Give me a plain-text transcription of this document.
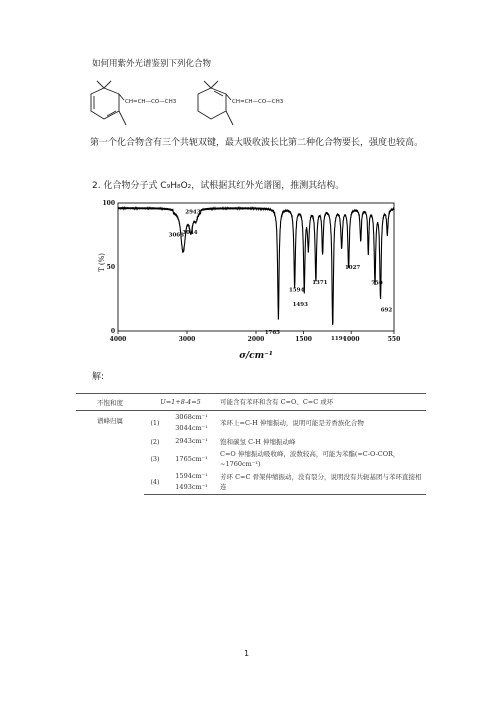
如何用紫外光谱鉴别下列化合物
CH=CH—CO—CH3	CH=CH—CO—CH3
第一个化合物含有三个共轭双键，最大吸收波长比第二种化合物要长，强度也较高。
2. 化合物分子式 C₉H₈O₂，试根据其红外光谱图，推测其结构。
100
50
0
4000	3000	2000	1500	1000	550
3068
3044
2943
1765
1594
1493
1371
1194
1027
750
692
T (%)
σ/cm⁻¹
解:
不饱和度	U=1+8-4=5		可能含有苯环和含有 C=O、C=C 或环
谱峰归属	(1)	3068cm⁻¹
3044cm⁻¹	苯环上=C-H 伸缩振动，说明可能是芳香族化合物
	(2)	2943cm⁻¹	饱和碳氢 C-H 伸缩振动峰
	(3)	1765cm⁻¹	C=O 伸缩振动吸收峰，波数较高，可能为苯酯(=C-O-COR，~1760cm⁻¹)
	(4)	1594cm⁻¹
1493cm⁻¹	芳环 C=C 骨架伸缩振动，没有裂分，说明没有共轭基团与苯环直接相连
1
